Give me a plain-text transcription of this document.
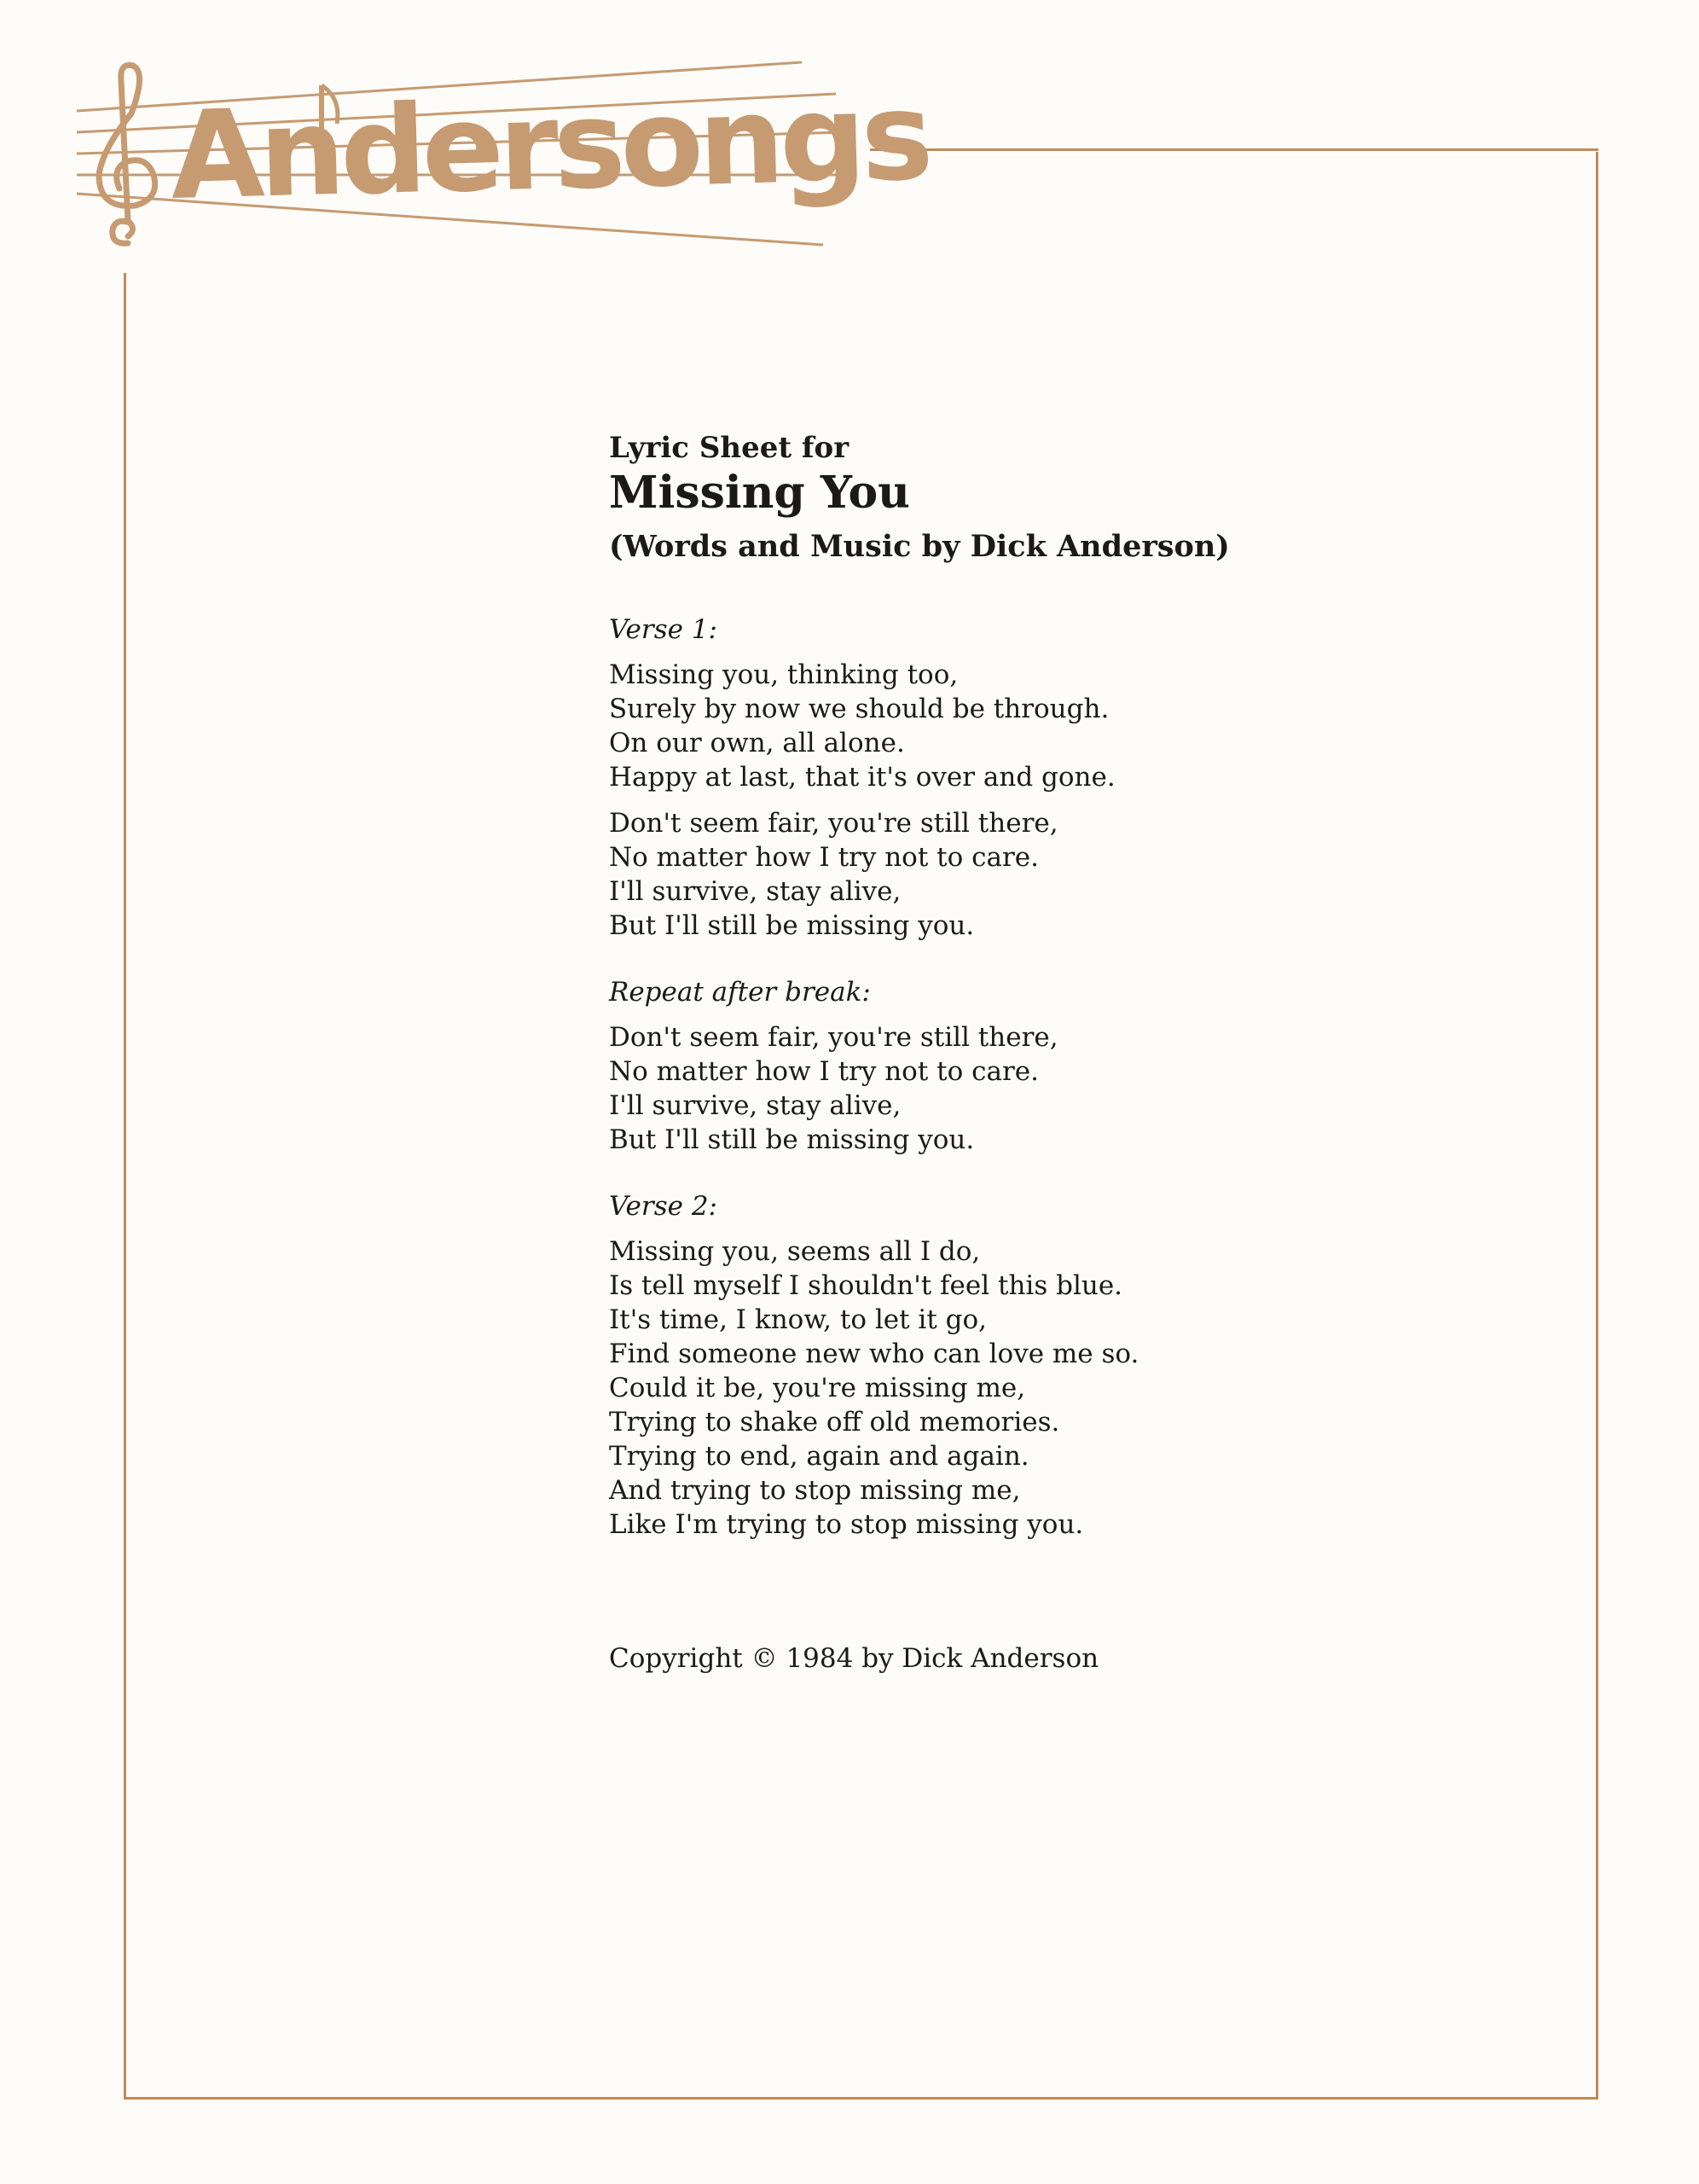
Andersongs
Lyric Sheet for
Missing You
(Words and Music by Dick Anderson)
Verse 1:
Missing you, thinking too,
Surely by now we should be through.
On our own, all alone.
Happy at last, that it's over and gone.
Don't seem fair, you're still there,
No matter how I try not to care.
I'll survive, stay alive,
But I'll still be missing you.
Repeat after break:
Don't seem fair, you're still there,
No matter how I try not to care.
I'll survive, stay alive,
But I'll still be missing you.
Verse 2:
Missing you, seems all I do,
Is tell myself I shouldn't feel this blue.
It's time, I know, to let it go,
Find someone new who can love me so.
Could it be, you're missing me,
Trying to shake off old memories.
Trying to end, again and again.
And trying to stop missing me,
Like I'm trying to stop missing you.
Copyright © 1984 by Dick Anderson
